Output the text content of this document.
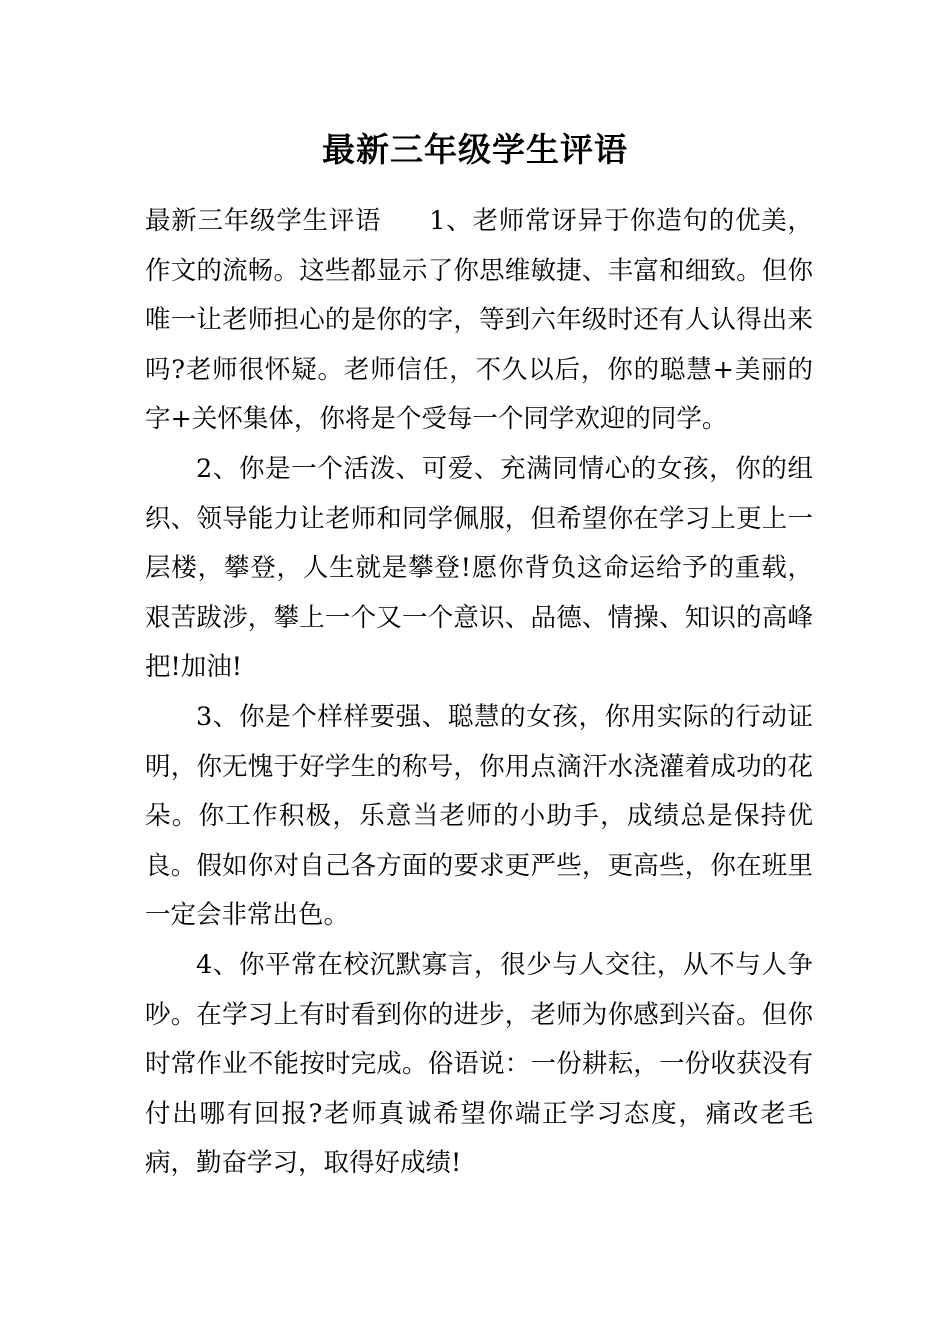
最新三年级学生评语

最新三年级学生评语 1、老师常讶异于你造句的优美，作文的流畅。这些都显示了你思维敏捷、丰富和细致。但你唯一让老师担心的是你的字，等到六年级时还有人认得出来吗?老师很怀疑。老师信任，不久以后，你的聪慧+美丽的字+关怀集体，你将是个受每一个同学欢迎的同学。

2、你是一个活泼、可爱、充满同情心的女孩，你的组织、领导能力让老师和同学佩服，但希望你在学习上更上一层楼，攀登，人生就是攀登!愿你背负这命运给予的重载，艰苦跋涉，攀上一个又一个意识、品德、情操、知识的高峰把!加油!

3、你是个样样要强、聪慧的女孩，你用实际的行动证明，你无愧于好学生的称号，你用点滴汗水浇灌着成功的花朵。你工作积极，乐意当老师的小助手，成绩总是保持优良。假如你对自己各方面的要求更严些，更高些，你在班里一定会非常出色。

4、你平常在校沉默寡言，很少与人交往，从不与人争吵。在学习上有时看到你的进步，老师为你感到兴奋。但你时常作业不能按时完成。俗语说：一份耕耘，一份收获没有付出哪有回报?老师真诚希望你端正学习态度，痛改老毛病，勤奋学习，取得好成绩!
